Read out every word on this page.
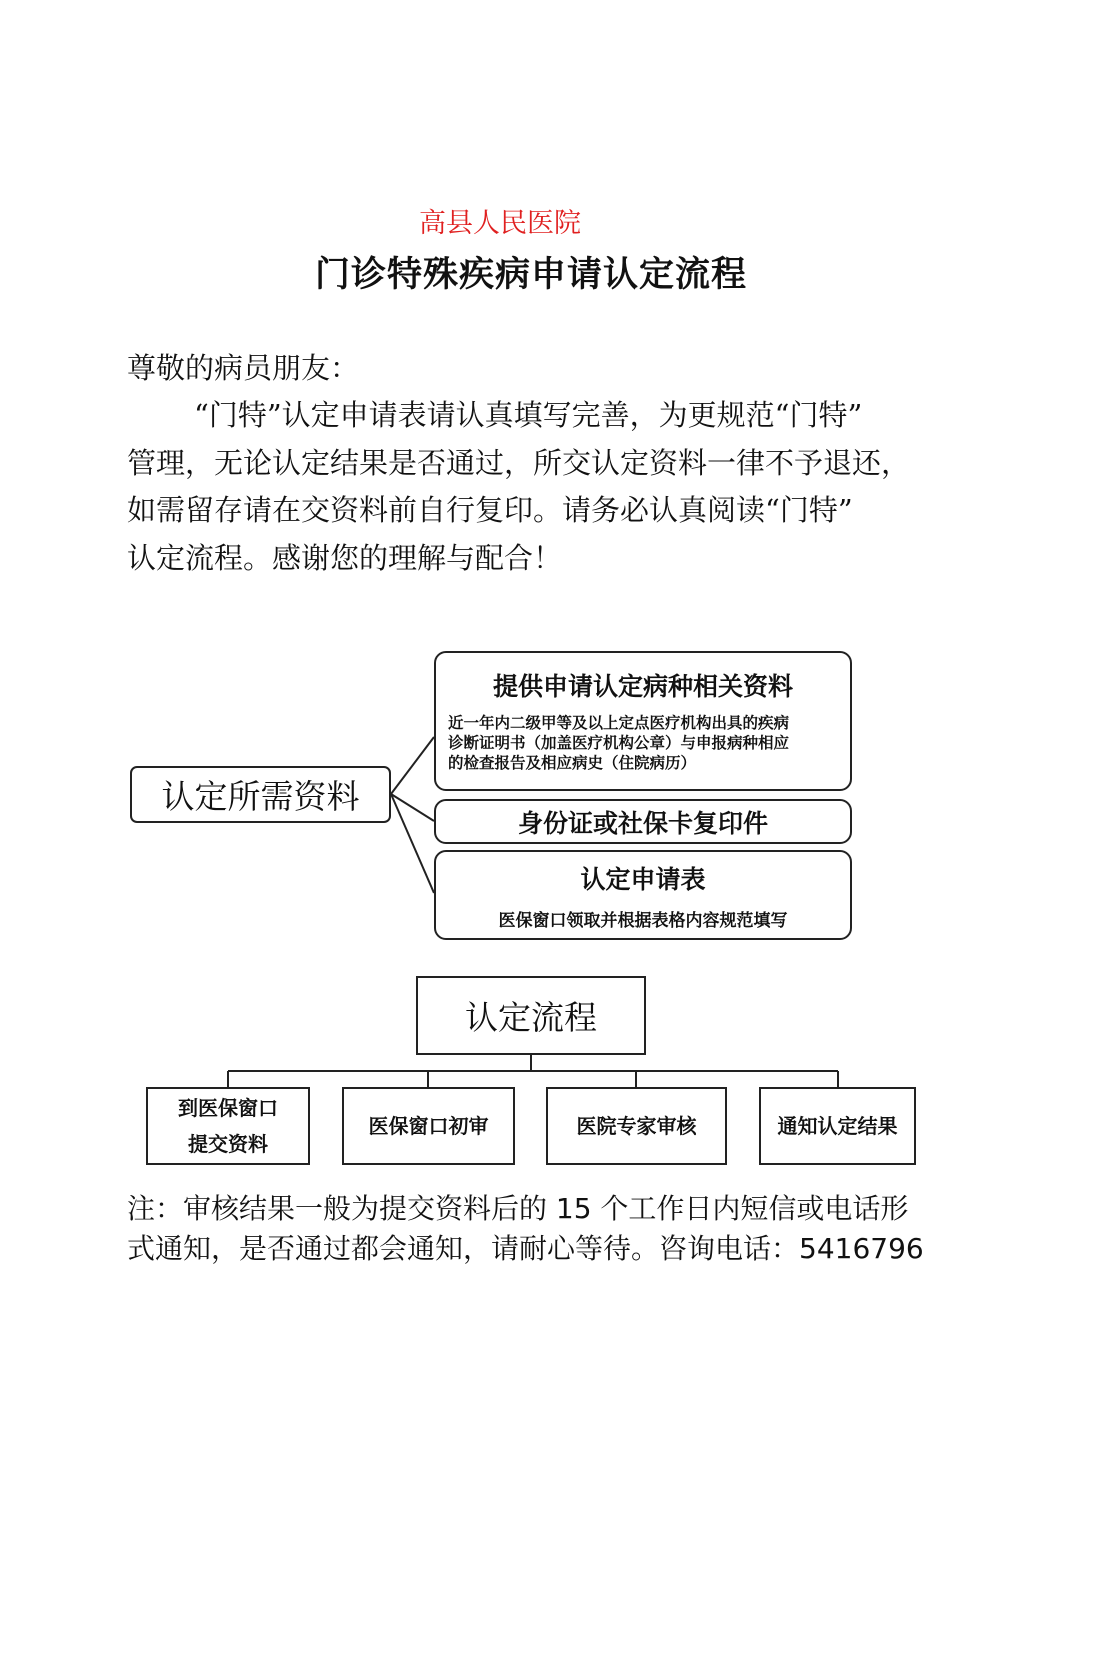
高县人民医院
门诊特殊疾病申请认定流程
尊敬的病员朋友：
“门特”认定申请表请认真填写完善，为更规范“门特”
管理，无论认定结果是否通过，所交认定资料一律不予退还，
如需留存请在交资料前自行复印。请务必认真阅读“门特”
认定流程。感谢您的理解与配合！
认定所需资料
提供申请认定病种相关资料
近一年内二级甲等及以上定点医疗机构出具的疾病
诊断证明书（加盖医疗机构公章）与申报病种相应
的检查报告及相应病史（住院病历）
身份证或社保卡复印件
认定申请表
医保窗口领取并根据表格内容规范填写
认定流程
到医保窗口
提交资料
医保窗口初审	医院专家审核	通知认定结果
注：审核结果一般为提交资料后的 15 个工作日内短信或电话形
式通知，是否通过都会通知，请耐心等待。咨询电话：5416796
